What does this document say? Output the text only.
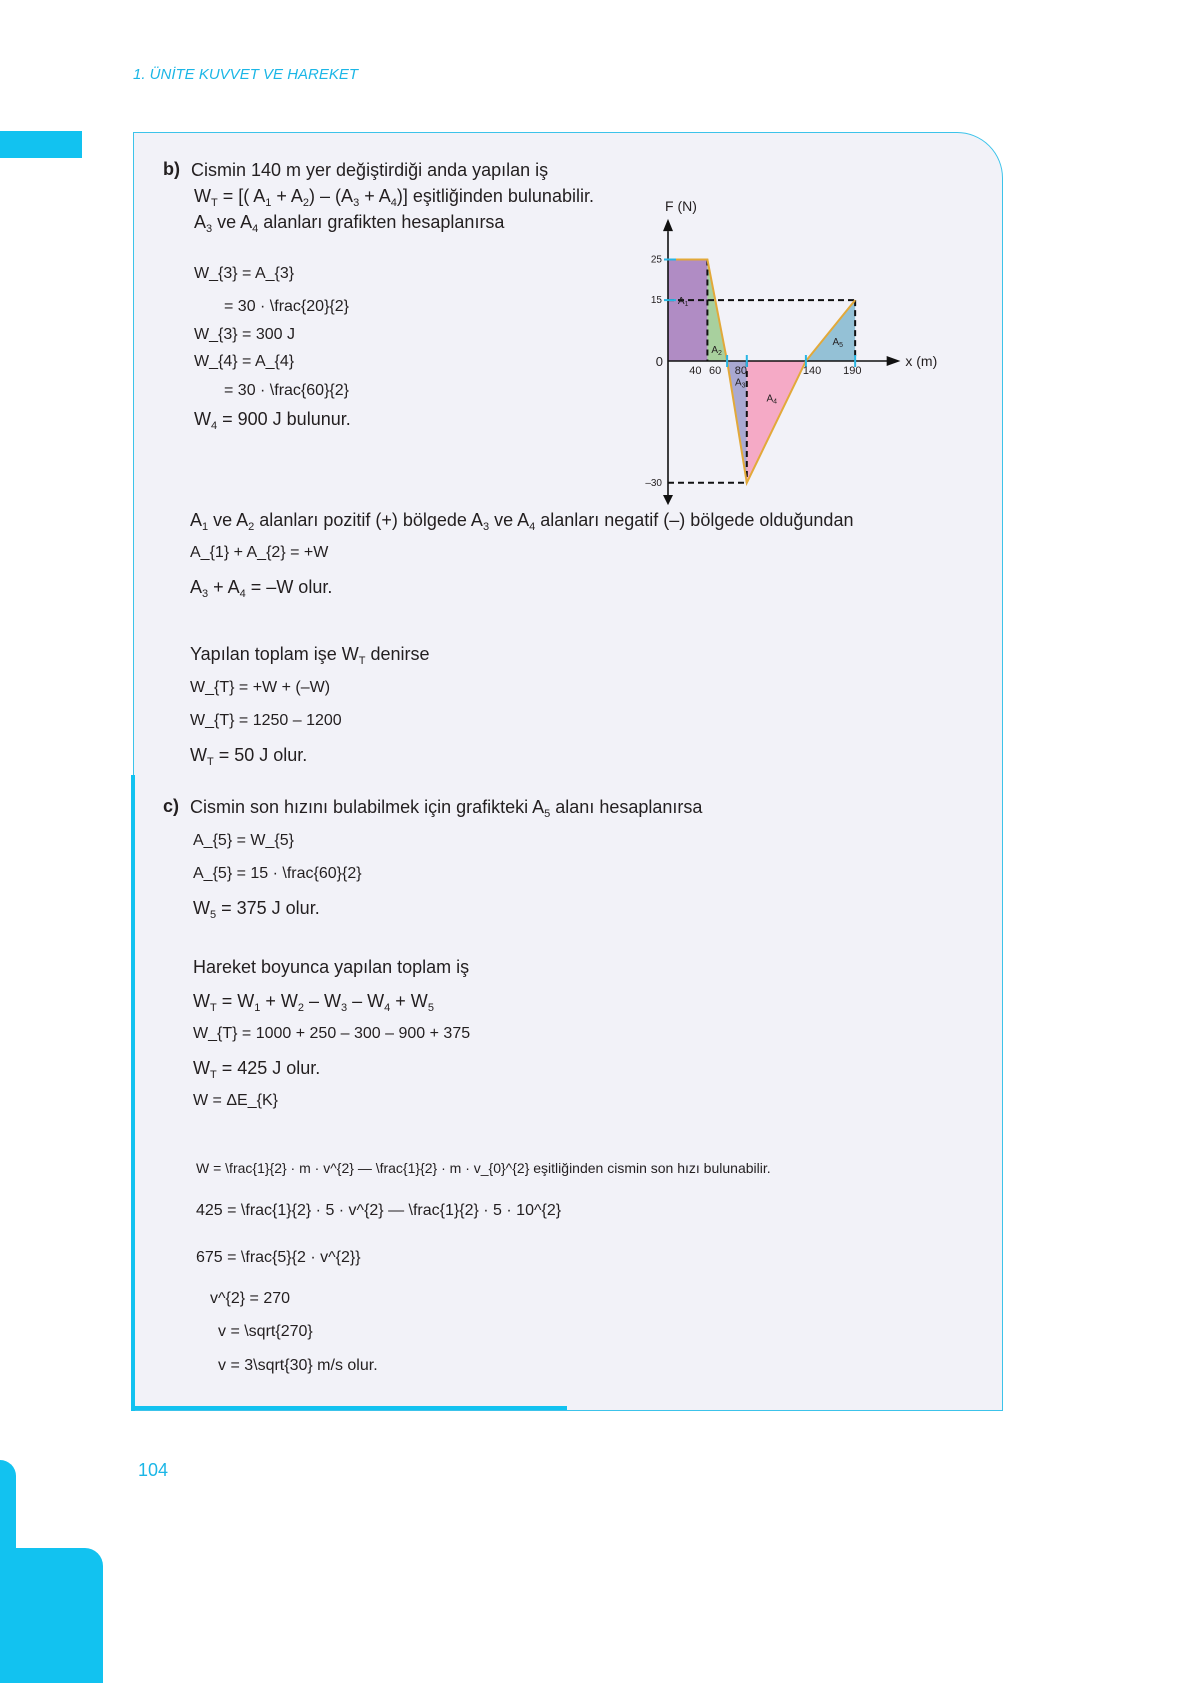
1. ÜNİTE KUVVET VE HAREKET
b) Cismin 140 m yer değiştirdiği anda yapılan iş
$W_T$ = [( $A_1 + A_2) - (A_3 + A_4)$] eşitliğinden bulunabilir.
$A_3$ ve $A_4$ alanları grafikten hesaplanırsa
W_{3} = A_{3}
= 30 · \frac{20}{2}
W_{3} = 300 J
W_{4} = A_{4}
= 30 · \frac{60}{2}
$W_4 = 900$ J bulunur.
$A_1$ ve $A_2$ alanları pozitif (+) bölgede $A_3$ ve $A_4$ alanları negatif (–) bölgede olduğundan
A_{1} + A_{2} = +W
$A_3 + A_4 = -W$ olur.
Yapılan toplam işe $W_T$ denirse
W_{T} = +W + (–W)
W_{T} = 1250 – 1200
$W_T = 50$ J olur.
c) Cismin son hızını bulabilmek için grafikteki $A_5$ alanı hesaplanırsa
A_{5} = W_{5}
A_{5} = 15 · \frac{60}{2}
$W_5 = 375$ J olur.
Hareket boyunca yapılan toplam iş
$W_T = W_1 + W_2 - W_3 - W_4 + W_5$
W_{T} = 1000 + 250 – 300 – 900 + 375
$W_T = 425$ J olur.
W = ΔE_{K}
W = \frac{1}{2} · m · v^{2} — \frac{1}{2} · m · v_{0}^{2} eşitliğinden cismin son hızı bulunabilir.
425 = \frac{1}{2} · 5 · v^{2} — \frac{1}{2} · 5 · 10^{2}
675 = \frac{5}{2 · v^{2}}
v^{2} = 270
v = \sqrt{270}
v = 3\sqrt{30} m/s olur.
40 60 80	140 190
25
15
0
–30
F (N)
x (m)
$A_1$
$A_2$
$A_3$
$A_4$
$A_5$
104
